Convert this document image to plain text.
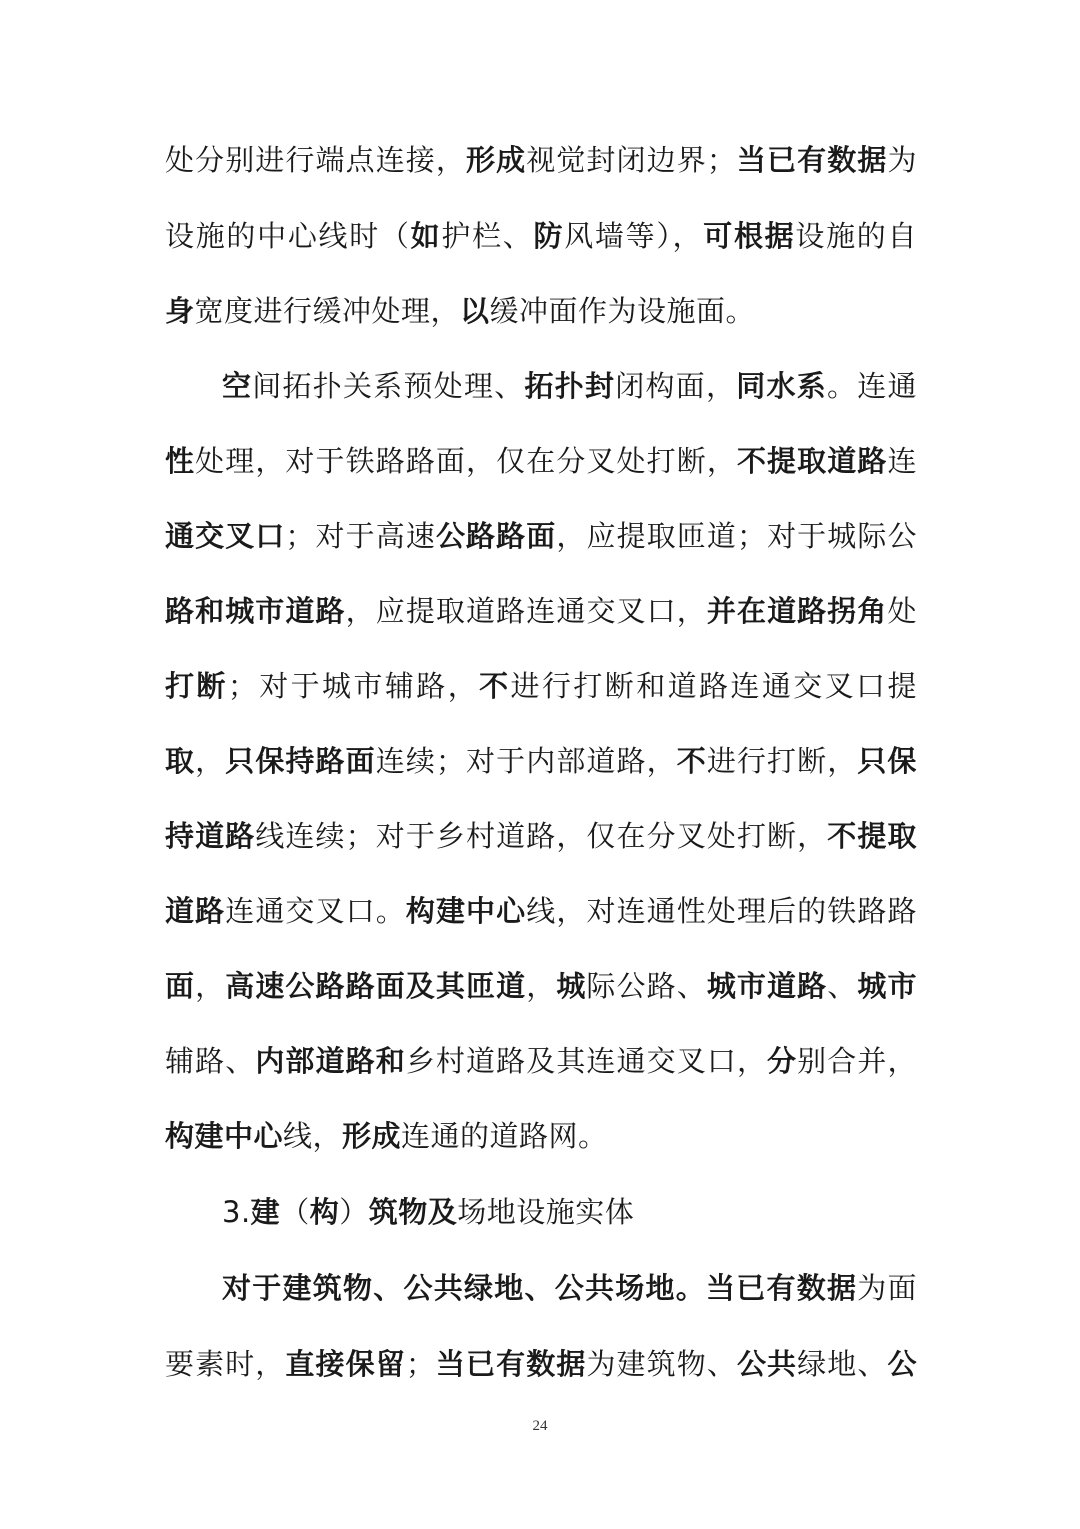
处分别进行端点连接，形成视觉封闭边界；当已有数据为
设施的中心线时（如护栏、防风墙等），可根据设施的自
身宽度进行缓冲处理，以缓冲面作为设施面。
空间拓扑关系预处理、拓扑封闭构面，同水系。连通
性处理，对于铁路路面，仅在分叉处打断，不提取道路连
通交叉口；对于高速公路路面，应提取匝道；对于城际公
路和城市道路，应提取道路连通交叉口，并在道路拐角处
打断；对于城市辅路，不进行打断和道路连通交叉口提
取，只保持路面连续；对于内部道路，不进行打断，只保
持道路线连续；对于乡村道路，仅在分叉处打断，不提取
道路连通交叉口。构建中心线，对连通性处理后的铁路路
面，高速公路路面及其匝道，城际公路、城市道路、城市
辅路、内部道路和乡村道路及其连通交叉口，分别合并，
构建中心线，形成连通的道路网。
3.建（构）筑物及场地设施实体
对于建筑物、公共绿地、公共场地。当已有数据为面
要素时，直接保留；当已有数据为建筑物、公共绿地、公
24
